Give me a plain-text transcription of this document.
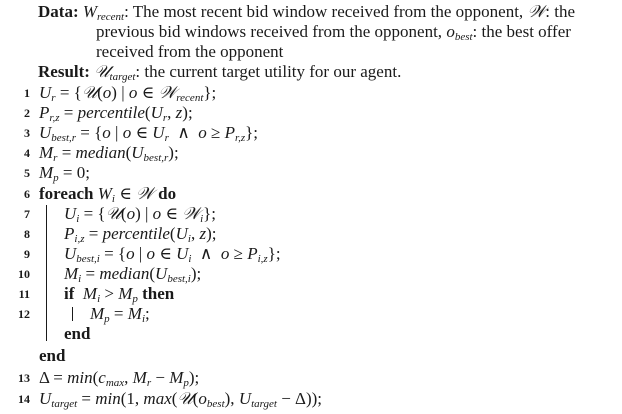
Data: $W_{recent}$: The most recent bid window received from the opponent, 𝒲: the
previous bid windows received from the opponent, $o_{best}$: the best offer
received from the opponent
Result: 𝒰$_{target}$: the current target utility for our agent.
1 $U_r$ = {𝒰(o) | o ∈ 𝒲$_{recent}$};
2 $P_{r,z}$ = $percentile(U_r$, z);
3 $U_{best,r} = \{o$ | o ∈ $U_r$  ∧  $o \ge P_{r,z}$};
4 $M_r$ = $median(U_{best,r})$;
5 $M_p = 0$;
6 foreach $W_i$ ∈ 𝒲 do
7 $U_i$ = {𝒰(o) | o ∈ 𝒲$_i$};
8 $P_{i,z}$ = $percentile(U_i$, z);
9 $U_{best,i} = \{o$ | o ∈ $U_i$  ∧  $o \ge P_{i,z}$};
10 $M_i$ = $median(U_{best,i})$;
11 if $M_i > M_p$ then
12	$M_p = M_i$;
end
end
13 $\Delta = \min(c_{max}$, $M_r - M_p$);
14 $U_{target} = \min(1$, $\max(𝒰(o_{best})$, $U_{target} - \Delta$));
